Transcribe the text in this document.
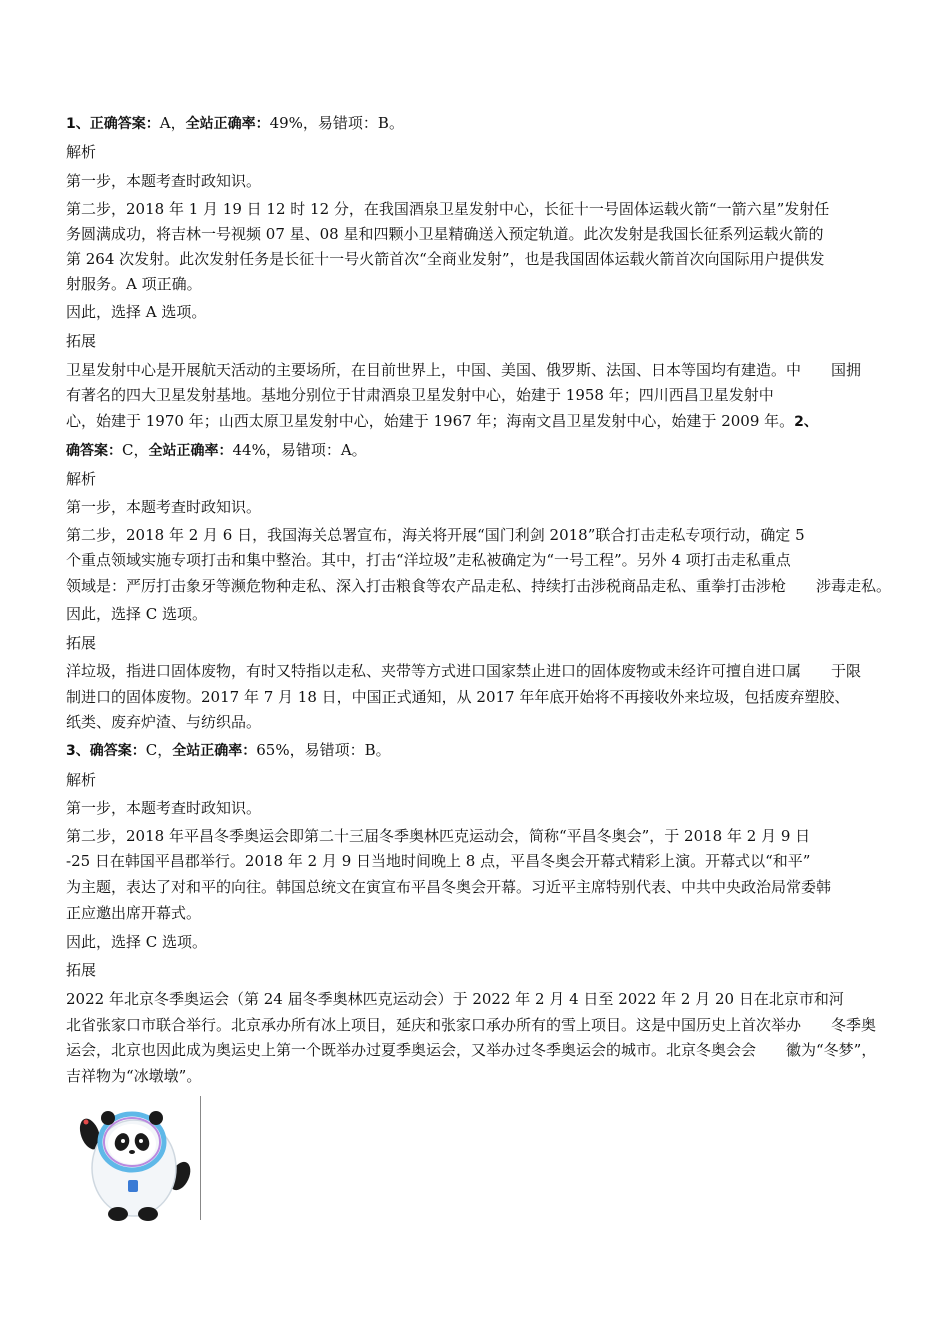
1、正确答案：A，全站正确率：49%，易错项：B。
解析
第一步，本题考查时政知识。
第二步，2018 年 1 月 19 日 12 时 12 分，在我国酒泉卫星发射中心，长征十一号固体运载火箭“一箭六星”发射任
务圆满成功，将吉林一号视频 07 星、08 星和四颗小卫星精确送入预定轨道。此次发射是我国长征系列运载火箭的
第 264 次发射。此次发射任务是长征十一号火箭首次“全商业发射”，也是我国固体运载火箭首次向国际用户提供发
射服务。A 项正确。
因此，选择 A 选项。
拓展
卫星发射中心是开展航天活动的主要场所，在目前世界上，中国、美国、俄罗斯、法国、日本等国均有建造。中　　国拥
有著名的四大卫星发射基地。基地分别位于甘肃酒泉卫星发射中心，始建于 1958 年；四川西昌卫星发射中
心，始建于 1970 年；山西太原卫星发射中心，始建于 1967 年；海南文昌卫星发射中心，始建于 2009 年。2、
确答案：C，全站正确率：44%，易错项：A。
解析
第一步，本题考查时政知识。
第二步，2018 年 2 月 6 日，我国海关总署宣布，海关将开展“国门利剑 2018”联合打击走私专项行动，确定 5
个重点领域实施专项打击和集中整治。其中，打击“洋垃圾”走私被确定为“一号工程”。另外 4 项打击走私重点
领域是：严厉打击象牙等濒危物种走私、深入打击粮食等农产品走私、持续打击涉税商品走私、重拳打击涉枪　　涉毒走私。
因此，选择 C 选项。
拓展
洋垃圾，指进口固体废物，有时又特指以走私、夹带等方式进口国家禁止进口的固体废物或未经许可擅自进口属　　于限
制进口的固体废物。2017 年 7 月 18 日，中国正式通知，从 2017 年年底开始将不再接收外来垃圾，包括废弃塑胶、
纸类、废弃炉渣、与纺织品。
3、确答案：C，全站正确率：65%，易错项：B。
解析
第一步，本题考查时政知识。
第二步，2018 年平昌冬季奥运会即第二十三届冬季奥林匹克运动会，简称“平昌冬奥会”，于 2018 年 2 月 9 日
-25 日在韩国平昌郡举行。2018 年 2 月 9 日当地时间晚上 8 点，平昌冬奥会开幕式精彩上演。开幕式以“和平”
为主题，表达了对和平的向往。韩国总统文在寅宣布平昌冬奥会开幕。习近平主席特别代表、中共中央政治局常委韩
正应邀出席开幕式。
因此，选择 C 选项。
拓展
2022 年北京冬季奥运会（第 24 届冬季奥林匹克运动会）于 2022 年 2 月 4 日至 2022 年 2 月 20 日在北京市和河
北省张家口市联合举行。北京承办所有冰上项目，延庆和张家口承办所有的雪上项目。这是中国历史上首次举办　　冬季奥
运会，北京也因此成为奥运史上第一个既举办过夏季奥运会，又举办过冬季奥运会的城市。北京冬奥会会　　徽为“冬梦”，
吉祥物为“冰墩墩”。
